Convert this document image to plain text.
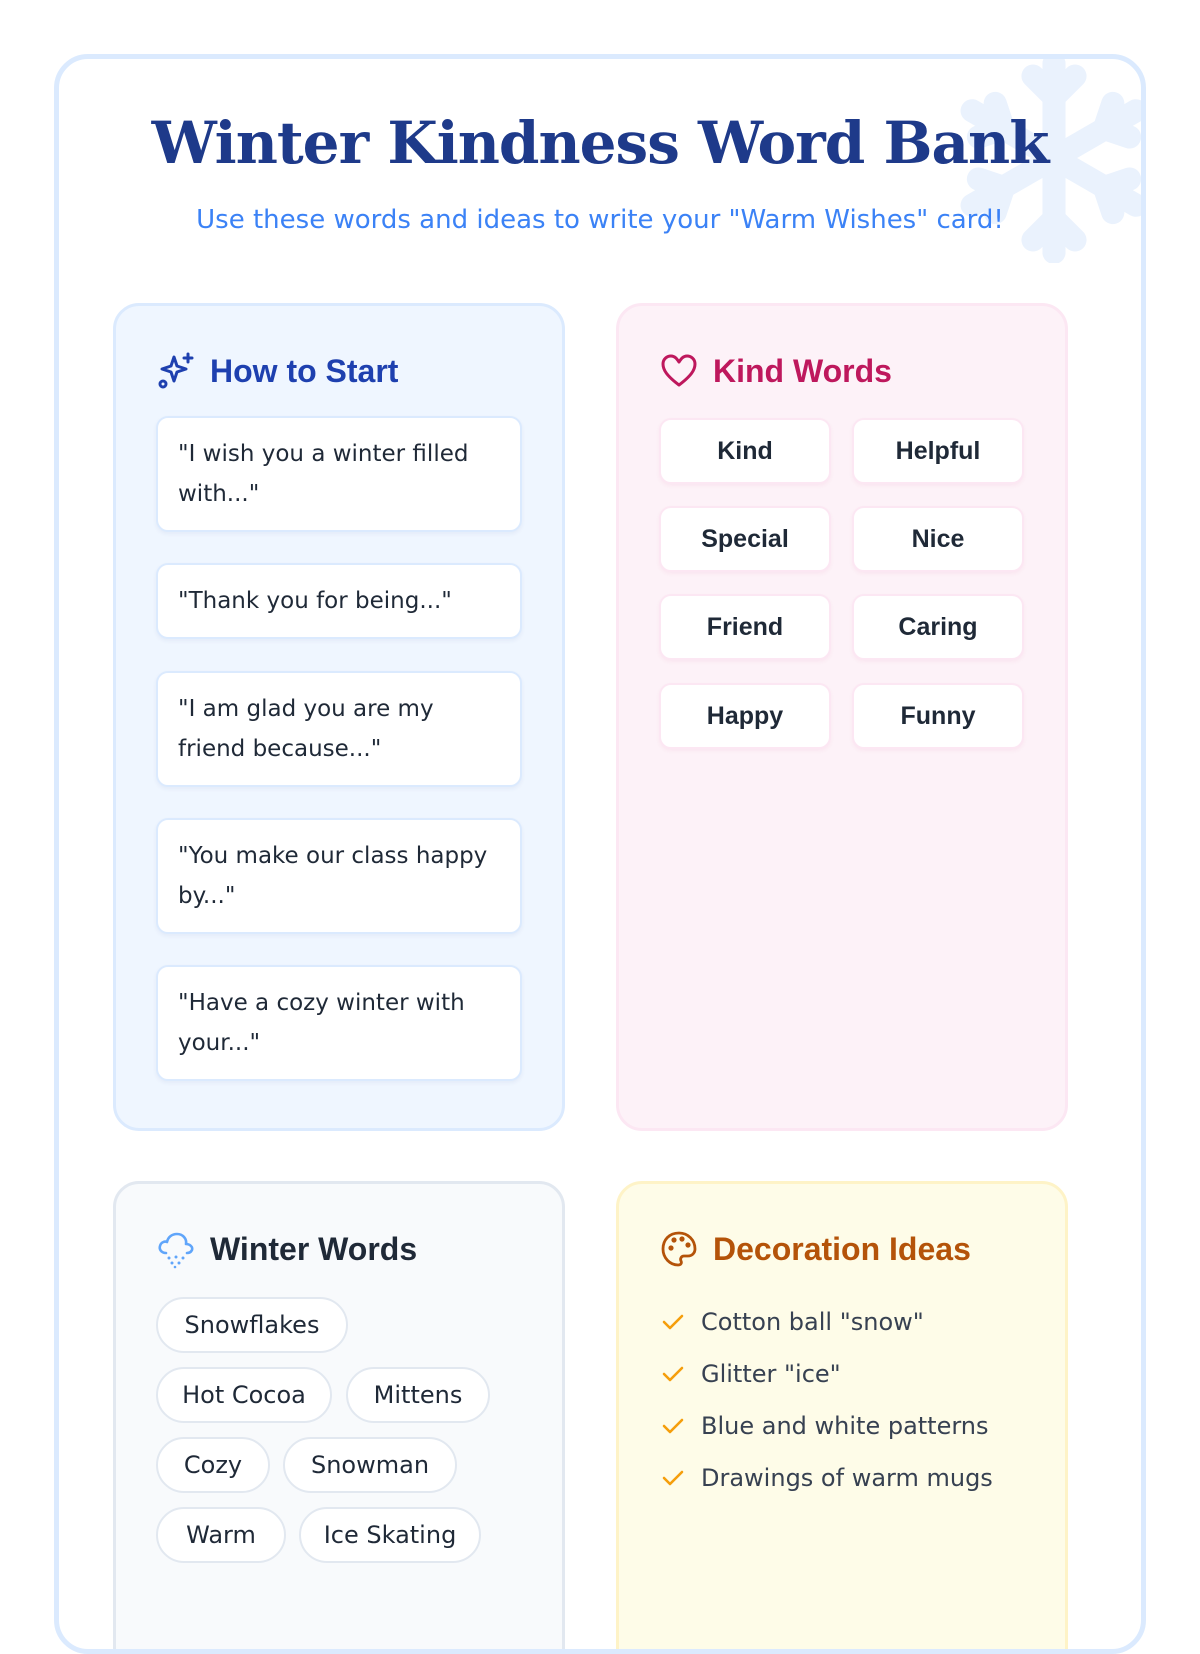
Winter Kindness Word Bank
Use these words and ideas to write your "Warm Wishes" card!
How to Start
"I wish you a winter filled with..."
"Thank you for being..."
"I am glad you are my friend because..."
"You make our class happy by..."
"Have a cozy winter with your..."
Kind Words
Kind	Helpful
Special	Nice
Friend	Caring
Happy	Funny
Winter Words
Snowflakes
Hot Cocoa	Mittens
Cozy	Snowman
Warm	Ice Skating
Decoration Ideas
Cotton ball "snow"
Glitter "ice"
Blue and white patterns
Drawings of warm mugs
